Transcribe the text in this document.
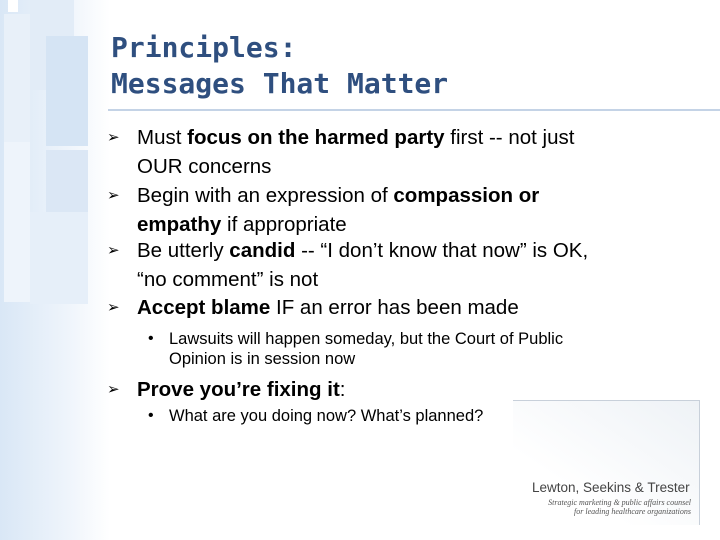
Principles:
Messages That Matter
➢ Must focus on the harmed party first -- not just
OUR concerns
➢ Begin with an expression of compassion or
empathy if appropriate
➢ Be utterly candid -- “I don’t know that now” is OK,
“no comment” is not
➢ Accept blame IF an error has been made
• Lawsuits will happen someday, but the Court of Public
Opinion is in session now
➢ Prove you’re fixing it:
• What are you doing now? What’s planned?
Lewton, Seekins & Trester
Strategic marketing & public affairs counsel
for leading healthcare organizations
